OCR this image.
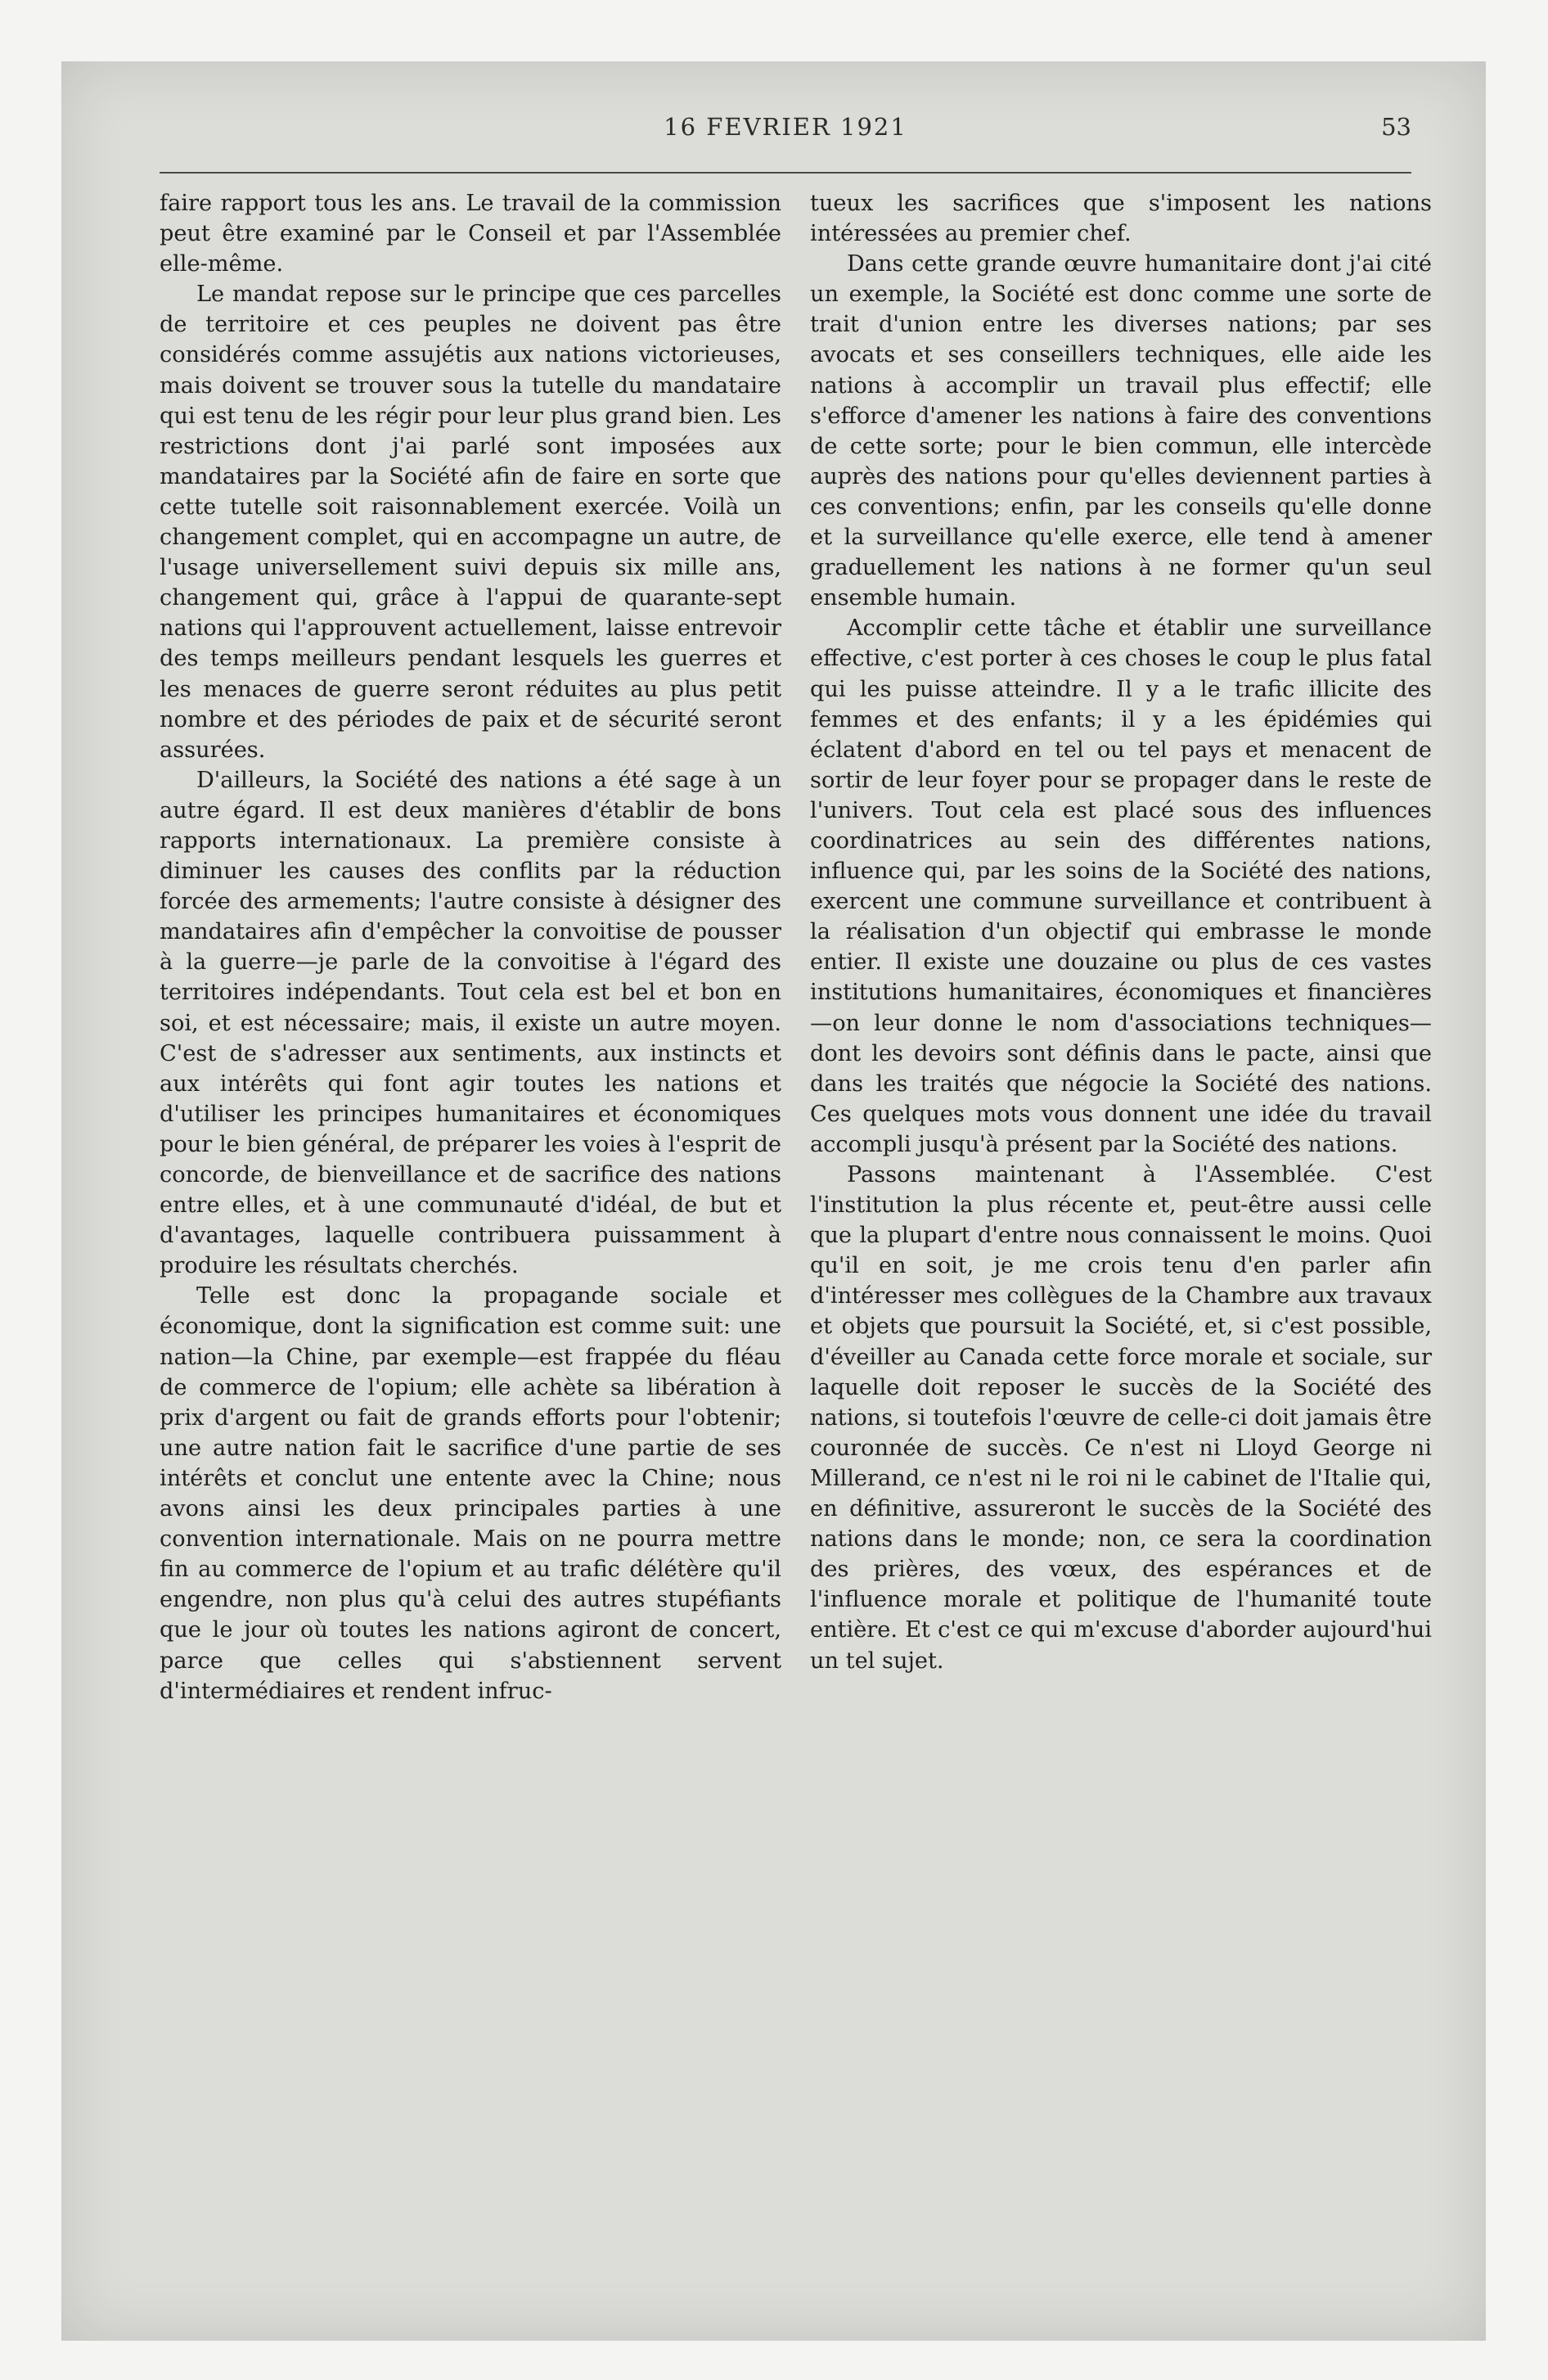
16 FEVRIER 1921	53

faire rapport tous les ans. Le travail de la commission peut être examiné par le Conseil et par l'Assemblée elle-même.

Le mandat repose sur le principe que ces parcelles de territoire et ces peuples ne doivent pas être considérés comme assujétis aux nations victorieuses, mais doivent se trouver sous la tutelle du mandataire qui est tenu de les régir pour leur plus grand bien. Les restrictions dont j'ai parlé sont imposées aux mandataires par la Société afin de faire en sorte que cette tutelle soit raisonnablement exercée. Voilà un changement complet, qui en accompagne un autre, de l'usage universellement suivi depuis six mille ans, changement qui, grâce à l'appui de quarante-sept nations qui l'approuvent actuellement, laisse entrevoir des temps meilleurs pendant lesquels les guerres et les menaces de guerre seront réduites au plus petit nombre et des périodes de paix et de sécurité seront assurées.

D'ailleurs, la Société des nations a été sage à un autre égard. Il est deux manières d'établir de bons rapports internationaux. La première consiste à diminuer les causes des conflits par la réduction forcée des armements; l'autre consiste à désigner des mandataires afin d'empêcher la convoitise de pousser à la guerre—je parle de la convoitise à l'égard des territoires indépendants. Tout cela est bel et bon en soi, et est nécessaire; mais, il existe un autre moyen. C'est de s'adresser aux sentiments, aux instincts et aux intérêts qui font agir toutes les nations et d'utiliser les principes humanitaires et économiques pour le bien général, de préparer les voies à l'esprit de concorde, de bienveillance et de sacrifice des nations entre elles, et à une communauté d'idéal, de but et d'avantages, laquelle contribuera puissamment à produire les résultats cherchés.

Telle est donc la propagande sociale et économique, dont la signification est comme suit: une nation—la Chine, par exemple—est frappée du fléau de commerce de l'opium; elle achète sa libération à prix d'argent ou fait de grands efforts pour l'obtenir; une autre nation fait le sacrifice d'une partie de ses intérêts et conclut une entente avec la Chine; nous avons ainsi les deux principales parties à une convention internationale. Mais on ne pourra mettre fin au commerce de l'opium et au trafic délétère qu'il engendre, non plus qu'à celui des autres stupéfiants que le jour où toutes les nations agiront de concert, parce que celles qui s'abstiennent servent d'intermédiaires et rendent infruc-

tueux les sacrifices que s'imposent les nations intéressées au premier chef.

Dans cette grande œuvre humanitaire dont j'ai cité un exemple, la Société est donc comme une sorte de trait d'union entre les diverses nations; par ses avocats et ses conseillers techniques, elle aide les nations à accomplir un travail plus effectif; elle s'efforce d'amener les nations à faire des conventions de cette sorte; pour le bien commun, elle intercède auprès des nations pour qu'elles deviennent parties à ces conventions; enfin, par les conseils qu'elle donne et la surveillance qu'elle exerce, elle tend à amener graduellement les nations à ne former qu'un seul ensemble humain.

Accomplir cette tâche et établir une surveillance effective, c'est porter à ces choses le coup le plus fatal qui les puisse atteindre. Il y a le trafic illicite des femmes et des enfants; il y a les épidémies qui éclatent d'abord en tel ou tel pays et menacent de sortir de leur foyer pour se propager dans le reste de l'univers. Tout cela est placé sous des influences coordinatrices au sein des différentes nations, influence qui, par les soins de la Société des nations, exercent une commune surveillance et contribuent à la réalisation d'un objectif qui embrasse le monde entier. Il existe une douzaine ou plus de ces vastes institutions humanitaires, économiques et financières—on leur donne le nom d'associations techniques—dont les devoirs sont définis dans le pacte, ainsi que dans les traités que négocie la Société des nations. Ces quelques mots vous donnent une idée du travail accompli jusqu'à présent par la Société des nations.

Passons maintenant à l'Assemblée. C'est l'institution la plus récente et, peut-être aussi celle que la plupart d'entre nous connaissent le moins. Quoi qu'il en soit, je me crois tenu d'en parler afin d'intéresser mes collègues de la Chambre aux travaux et objets que poursuit la Société, et, si c'est possible, d'éveiller au Canada cette force morale et sociale, sur laquelle doit reposer le succès de la Société des nations, si toutefois l'œuvre de celle-ci doit jamais être couronnée de succès. Ce n'est ni Lloyd George ni Millerand, ce n'est ni le roi ni le cabinet de l'Italie qui, en définitive, assureront le succès de la Société des nations dans le monde; non, ce sera la coordination des prières, des vœux, des espérances et de l'influence morale et politique de l'humanité toute entière. Et c'est ce qui m'excuse d'aborder aujourd'hui un tel sujet.
